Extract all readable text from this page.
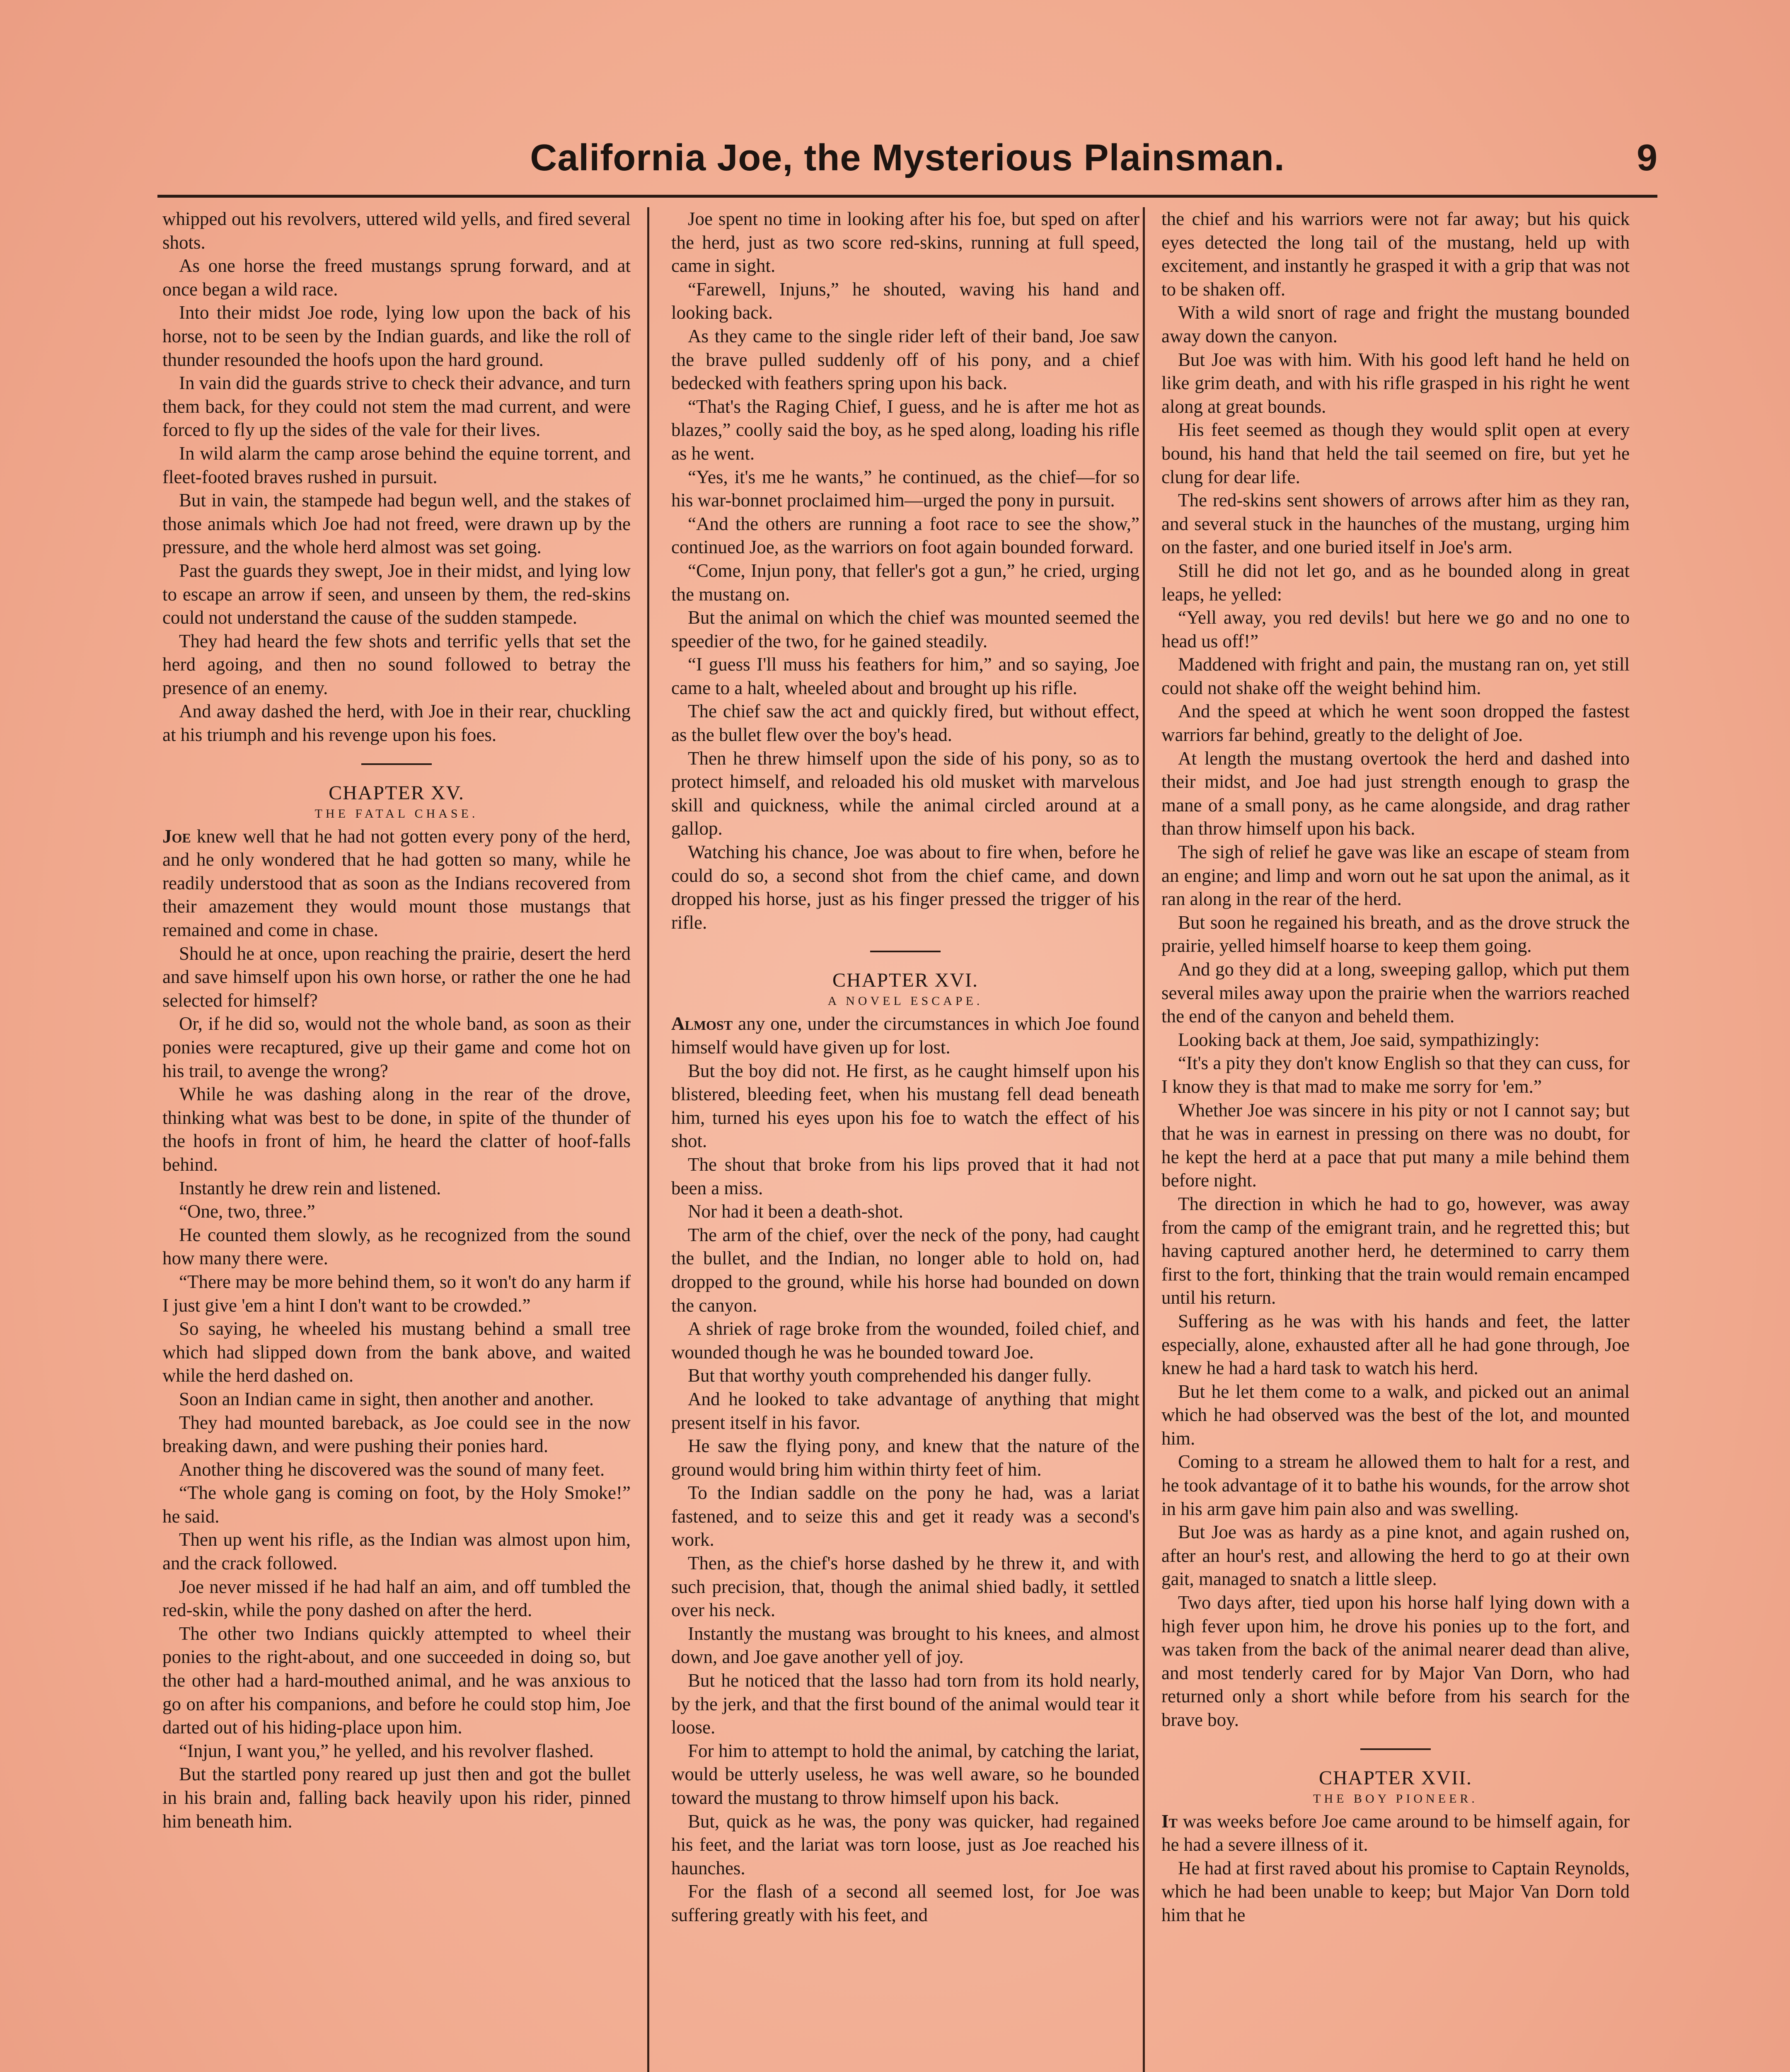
California Joe, the Mysterious Plainsman.	9

whipped out his revolvers, uttered wild yells, and fired several shots.

As one horse the freed mustangs sprung forward, and at once began a wild race.

Into their midst Joe rode, lying low upon the back of his horse, not to be seen by the Indian guards, and like the roll of thunder resounded the hoofs upon the hard ground.

In vain did the guards strive to check their advance, and turn them back, for they could not stem the mad current, and were forced to fly up the sides of the vale for their lives.

In wild alarm the camp arose behind the equine torrent, and fleet-footed braves rushed in pursuit.

But in vain, the stampede had begun well, and the stakes of those animals which Joe had not freed, were drawn up by the pressure, and the whole herd almost was set going.

Past the guards they swept, Joe in their midst, and lying low to escape an arrow if seen, and unseen by them, the red-skins could not understand the cause of the sudden stampede.

They had heard the few shots and terrific yells that set the herd agoing, and then no sound followed to betray the presence of an enemy.

And away dashed the herd, with Joe in their rear, chuckling at his triumph and his revenge upon his foes.

CHAPTER XV.
THE FATAL CHASE.

Joe knew well that he had not gotten every pony of the herd, and he only wondered that he had gotten so many, while he readily understood that as soon as the Indians recovered from their amazement they would mount those mustangs that remained and come in chase.

Should he at once, upon reaching the prairie, desert the herd and save himself upon his own horse, or rather the one he had selected for himself?

Or, if he did so, would not the whole band, as soon as their ponies were recaptured, give up their game and come hot on his trail, to avenge the wrong?

While he was dashing along in the rear of the drove, thinking what was best to be done, in spite of the thunder of the hoofs in front of him, he heard the clatter of hoof-falls behind.

Instantly he drew rein and listened.

“One, two, three.”

He counted them slowly, as he recognized from the sound how many there were.

“There may be more behind them, so it won't do any harm if I just give 'em a hint I don't want to be crowded.”

So saying, he wheeled his mustang behind a small tree which had slipped down from the bank above, and waited while the herd dashed on.

Soon an Indian came in sight, then another and another.

They had mounted bareback, as Joe could see in the now breaking dawn, and were pushing their ponies hard.

Another thing he discovered was the sound of many feet.

“The whole gang is coming on foot, by the Holy Smoke!” he said.

Then up went his rifle, as the Indian was almost upon him, and the crack followed.

Joe never missed if he had half an aim, and off tumbled the red-skin, while the pony dashed on after the herd.

The other two Indians quickly attempted to wheel their ponies to the right-about, and one succeeded in doing so, but the other had a hard-mouthed animal, and he was anxious to go on after his companions, and before he could stop him, Joe darted out of his hiding-place upon him.

“Injun, I want you,” he yelled, and his revolver flashed.

But the startled pony reared up just then and got the bullet in his brain and, falling back heavily upon his rider, pinned him beneath him.

Joe spent no time in looking after his foe, but sped on after the herd, just as two score red-skins, running at full speed, came in sight.

“Farewell, Injuns,” he shouted, waving his hand and looking back.

As they came to the single rider left of their band, Joe saw the brave pulled suddenly off of his pony, and a chief bedecked with feathers spring upon his back.

“That's the Raging Chief, I guess, and he is after me hot as blazes,” coolly said the boy, as he sped along, loading his rifle as he went.

“Yes, it's me he wants,” he continued, as the chief—for so his war-bonnet proclaimed him—urged the pony in pursuit.

“And the others are running a foot race to see the show,” continued Joe, as the warriors on foot again bounded forward.

“Come, Injun pony, that feller's got a gun,” he cried, urging the mustang on.

But the animal on which the chief was mounted seemed the speedier of the two, for he gained steadily.

“I guess I'll muss his feathers for him,” and so saying, Joe came to a halt, wheeled about and brought up his rifle.

The chief saw the act and quickly fired, but without effect, as the bullet flew over the boy's head.

Then he threw himself upon the side of his pony, so as to protect himself, and reloaded his old musket with marvelous skill and quickness, while the animal circled around at a gallop.

Watching his chance, Joe was about to fire when, before he could do so, a second shot from the chief came, and down dropped his horse, just as his finger pressed the trigger of his rifle.

CHAPTER XVI.
A NOVEL ESCAPE.

Almost any one, under the circumstances in which Joe found himself would have given up for lost.

But the boy did not. He first, as he caught himself upon his blistered, bleeding feet, when his mustang fell dead beneath him, turned his eyes upon his foe to watch the effect of his shot.

The shout that broke from his lips proved that it had not been a miss.

Nor had it been a death-shot.

The arm of the chief, over the neck of the pony, had caught the bullet, and the Indian, no longer able to hold on, had dropped to the ground, while his horse had bounded on down the canyon.

A shriek of rage broke from the wounded, foiled chief, and wounded though he was he bounded toward Joe.

But that worthy youth comprehended his danger fully.

And he looked to take advantage of anything that might present itself in his favor.

He saw the flying pony, and knew that the nature of the ground would bring him within thirty feet of him.

To the Indian saddle on the pony he had, was a lariat fastened, and to seize this and get it ready was a second's work.

Then, as the chief's horse dashed by he threw it, and with such precision, that, though the animal shied badly, it settled over his neck.

Instantly the mustang was brought to his knees, and almost down, and Joe gave another yell of joy.

But he noticed that the lasso had torn from its hold nearly, by the jerk, and that the first bound of the animal would tear it loose.

For him to attempt to hold the animal, by catching the lariat, would be utterly useless, he was well aware, so he bounded toward the mustang to throw himself upon his back.

But, quick as he was, the pony was quicker, had regained his feet, and the lariat was torn loose, just as Joe reached his haunches.

For the flash of a second all seemed lost, for Joe was suffering greatly with his feet, and

the chief and his warriors were not far away; but his quick eyes detected the long tail of the mustang, held up with excitement, and instantly he grasped it with a grip that was not to be shaken off.

With a wild snort of rage and fright the mustang bounded away down the canyon.

But Joe was with him. With his good left hand he held on like grim death, and with his rifle grasped in his right he went along at great bounds.

His feet seemed as though they would split open at every bound, his hand that held the tail seemed on fire, but yet he clung for dear life.

The red-skins sent showers of arrows after him as they ran, and several stuck in the haunches of the mustang, urging him on the faster, and one buried itself in Joe's arm.

Still he did not let go, and as he bounded along in great leaps, he yelled:

“Yell away, you red devils! but here we go and no one to head us off!”

Maddened with fright and pain, the mustang ran on, yet still could not shake off the weight behind him.

And the speed at which he went soon dropped the fastest warriors far behind, greatly to the delight of Joe.

At length the mustang overtook the herd and dashed into their midst, and Joe had just strength enough to grasp the mane of a small pony, as he came alongside, and drag rather than throw himself upon his back.

The sigh of relief he gave was like an escape of steam from an engine; and limp and worn out he sat upon the animal, as it ran along in the rear of the herd.

But soon he regained his breath, and as the drove struck the prairie, yelled himself hoarse to keep them going.

And go they did at a long, sweeping gallop, which put them several miles away upon the prairie when the warriors reached the end of the canyon and beheld them.

Looking back at them, Joe said, sympathizingly:

“It's a pity they don't know English so that they can cuss, for I know they is that mad to make me sorry for 'em.”

Whether Joe was sincere in his pity or not I cannot say; but that he was in earnest in pressing on there was no doubt, for he kept the herd at a pace that put many a mile behind them before night.

The direction in which he had to go, however, was away from the camp of the emigrant train, and he regretted this; but having captured another herd, he determined to carry them first to the fort, thinking that the train would remain encamped until his return.

Suffering as he was with his hands and feet, the latter especially, alone, exhausted after all he had gone through, Joe knew he had a hard task to watch his herd.

But he let them come to a walk, and picked out an animal which he had observed was the best of the lot, and mounted him.

Coming to a stream he allowed them to halt for a rest, and he took advantage of it to bathe his wounds, for the arrow shot in his arm gave him pain also and was swelling.

But Joe was as hardy as a pine knot, and again rushed on, after an hour's rest, and allowing the herd to go at their own gait, managed to snatch a little sleep.

Two days after, tied upon his horse half lying down with a high fever upon him, he drove his ponies up to the fort, and was taken from the back of the animal nearer dead than alive, and most tenderly cared for by Major Van Dorn, who had returned only a short while before from his search for the brave boy.

CHAPTER XVII.
THE BOY PIONEER.

It was weeks before Joe came around to be himself again, for he had a severe illness of it.

He had at first raved about his promise to Captain Reynolds, which he had been unable to keep; but Major Van Dorn told him that he
